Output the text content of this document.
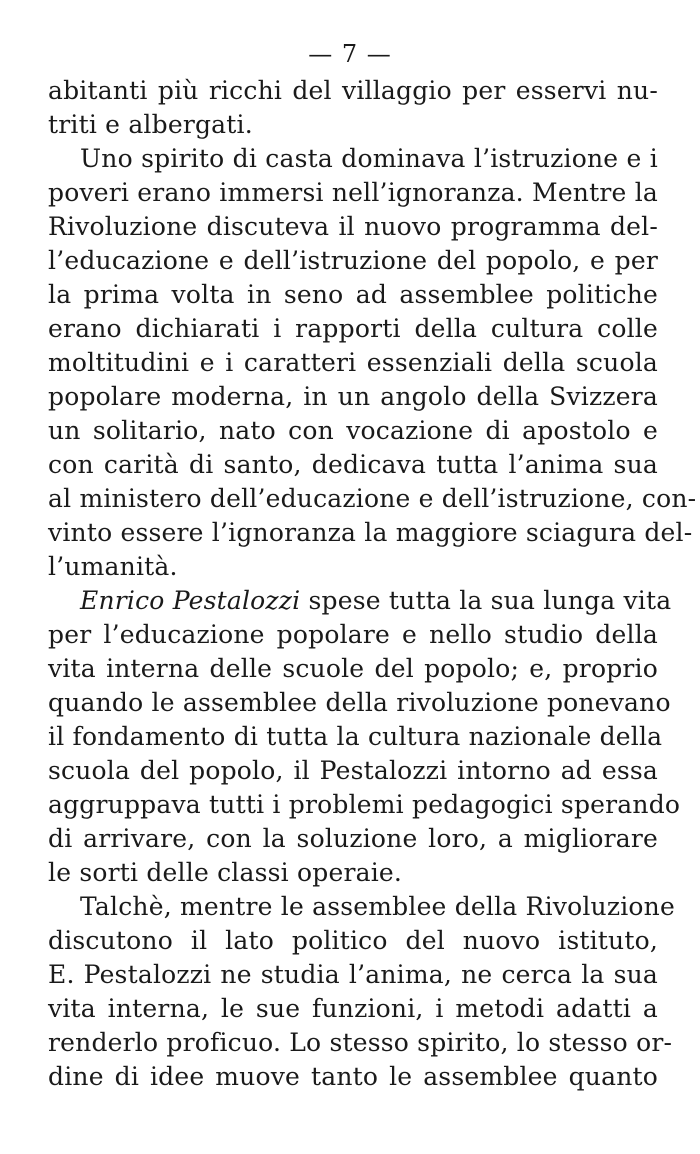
— 7 —
abitanti più ricchi del villaggio per esservi nu-
triti e albergati.
Uno spirito di casta dominava l’istruzione e i
poveri erano immersi nell’ignoranza. Mentre la
Rivoluzione discuteva il nuovo programma del-
l’educazione e dell’istruzione del popolo, e per
la prima volta in seno ad assemblee politiche
erano dichiarati i rapporti della cultura colle
moltitudini e i caratteri essenziali della scuola
popolare moderna, in un angolo della Svizzera
un solitario, nato con vocazione di apostolo e
con carità di santo, dedicava tutta l’anima sua
al ministero dell’educazione e dell’istruzione, con-
vinto essere l’ignoranza la maggiore sciagura del-
l’umanità.
Enrico Pestalozzi spese tutta la sua lunga vita
per l’educazione popolare e nello studio della
vita interna delle scuole del popolo; e, proprio
quando le assemblee della rivoluzione ponevano
il fondamento di tutta la cultura nazionale della
scuola del popolo, il Pestalozzi intorno ad essa
aggruppava tutti i problemi pedagogici sperando
di arrivare, con la soluzione loro, a migliorare
le sorti delle classi operaie.
Talchè, mentre le assemblee della Rivoluzione
discutono il lato politico del nuovo istituto,
E. Pestalozzi ne studia l’anima, ne cerca la sua
vita interna, le sue funzioni, i metodi adatti a
renderlo proficuo. Lo stesso spirito, lo stesso or-
dine di idee muove tanto le assemblee quanto
